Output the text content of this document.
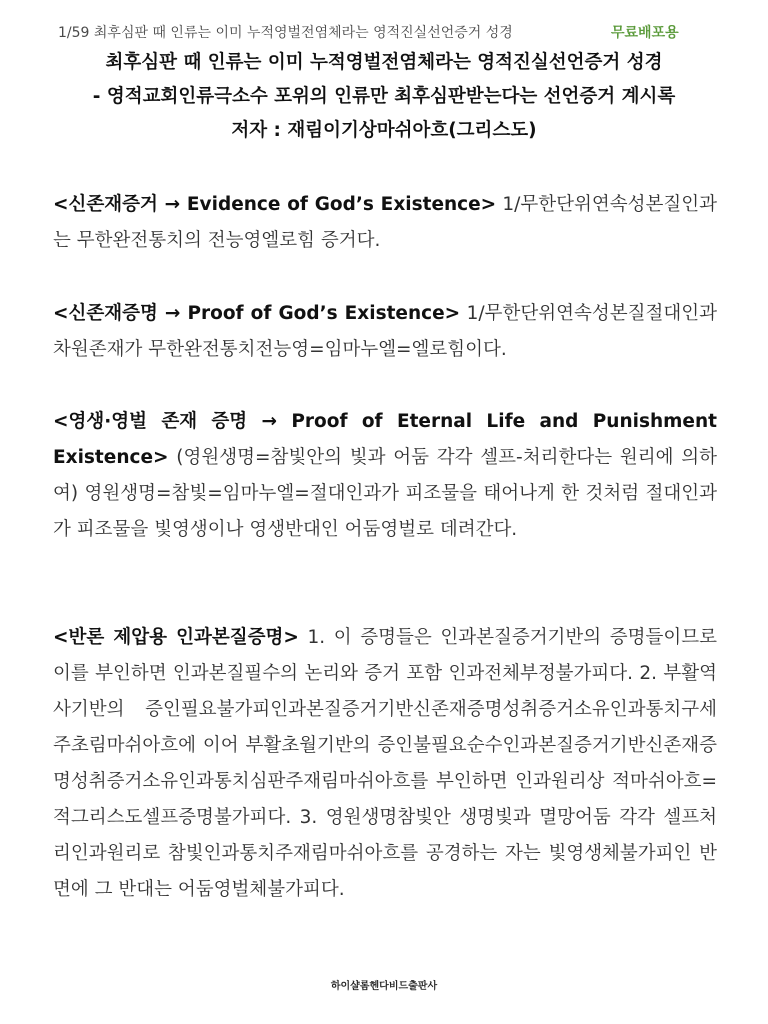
1/59 최후심판 때 인류는 이미 누적영벌전염체라는 영적진실선언증거 성경	무료배포용
최후심판 때 인류는 이미 누적영벌전염체라는 영적진실선언증거 성경
- 영적교회인류극소수 포위의 인류만 최후심판받는다는 선언증거 계시록
저자 : 재림이기상마쉬아흐(그리스도)

<신존재증거 → Evidence of God’s Existence> 1/무한단위연속성본질인과는 무한완전통치의 전능영엘로힘 증거다.

<신존재증명 → Proof of God’s Existence> 1/무한단위연속성본질절대인과차원존재가 무한완전통치전능영=임마누엘=엘로힘이다.

<영생·영벌 존재 증명 → Proof of Eternal Life and Punishment Existence> (영원생명=참빛안의 빛과 어둠 각각 셀프-처리한다는 원리에 의하여) 영원생명=참빛=임마누엘=절대인과가 피조물을 태어나게 한 것처럼 절대인과가 피조물을 빛영생이나 영생반대인 어둠영벌로 데려간다.

<반론 제압용 인과본질증명> 1. 이 증명들은 인과본질증거기반의 증명들이므로 이를 부인하면 인과본질필수의 논리와 증거 포함 인과전체부정불가피다. 2. 부활역사기반의 증인필요불가피인과본질증거기반신존재증명성취증거소유인과통치구세주초림마쉬아흐에 이어 부활초월기반의 증인불필요순수인과본질증거기반신존재증명성취증거소유인과통치심판주재림마쉬아흐를 부인하면 인과원리상 적마쉬아흐=적그리스도셀프증명불가피다. 3. 영원생명참빛안 생명빛과 멸망어둠 각각 셀프처리인과원리로 참빛인과통치주재림마쉬아흐를 공경하는 자는 빛영생체불가피인 반면에 그 반대는 어둠영벌체불가피다.

하이샬롬헨다비드출판사
